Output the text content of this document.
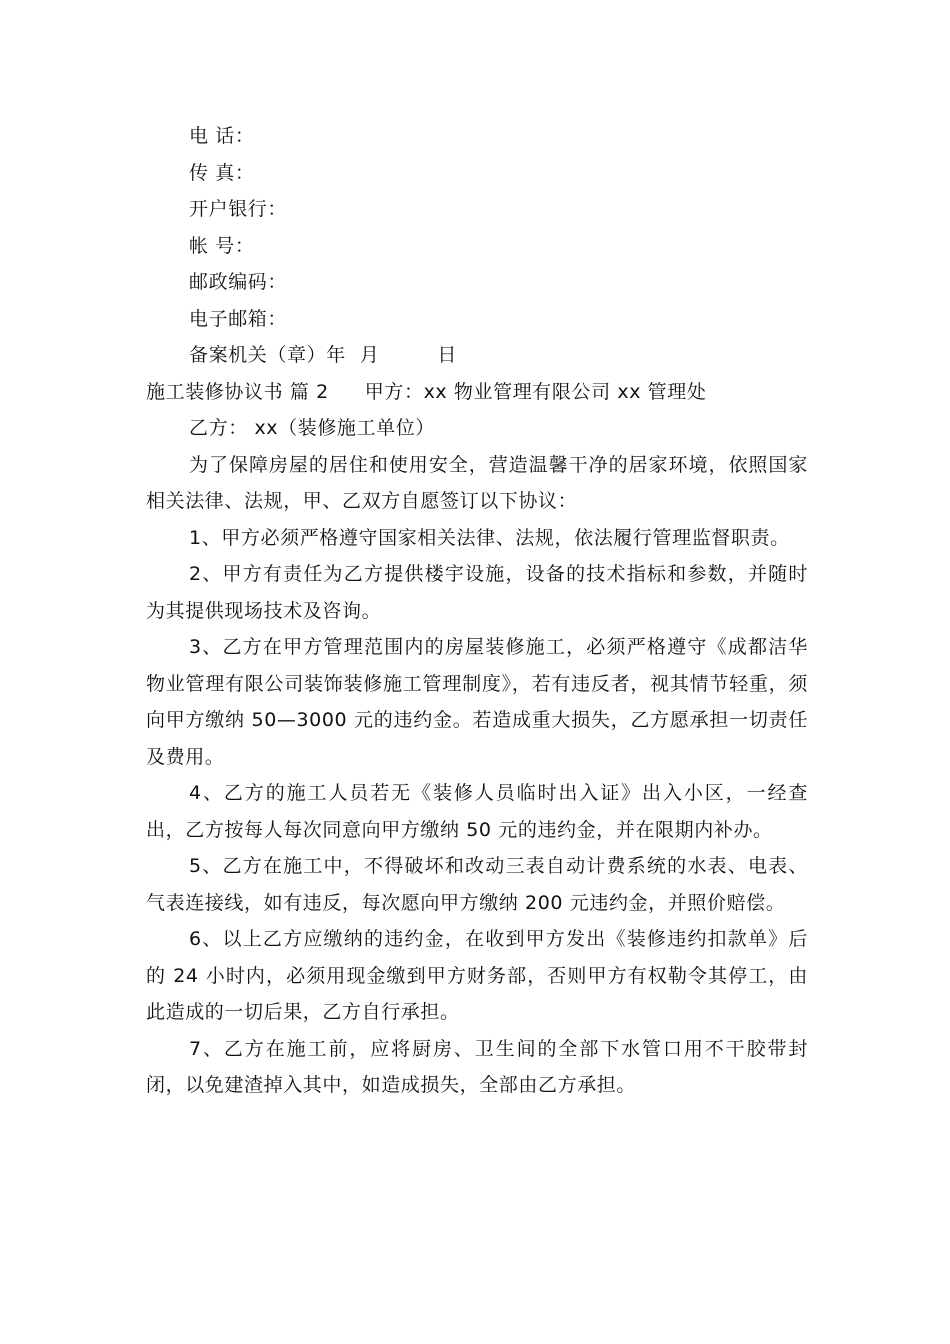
电 话：
传 真：
开户银行：
帐 号：
邮政编码：
电子邮箱：
备案机关（章）年 月	日
施工装修协议书 篇 2 甲方：xx 物业管理有限公司 xx 管理处
乙方： xx（装修施工单位）

为了保障房屋的居住和使用安全，营造温馨干净的居家环境，依照国家相关法律、法规，甲、乙双方自愿签订以下协议：

1、甲方必须严格遵守国家相关法律、法规，依法履行管理监督职责。

2、甲方有责任为乙方提供楼宇设施，设备的技术指标和参数，并随时为其提供现场技术及咨询。

3、乙方在甲方管理范围内的房屋装修施工，必须严格遵守《成都洁华物业管理有限公司装饰装修施工管理制度》，若有违反者，视其情节轻重，须向甲方缴纳 50—3000 元的违约金。若造成重大损失，乙方愿承担一切责任及费用。

4、乙方的施工人员若无《装修人员临时出入证》出入小区，一经查出，乙方按每人每次同意向甲方缴纳 50 元的违约金，并在限期内补办。

5、乙方在施工中，不得破坏和改动三表自动计费系统的水表、电表、气表连接线，如有违反，每次愿向甲方缴纳 200 元违约金，并照价赔偿。

6、以上乙方应缴纳的违约金，在收到甲方发出《装修违约扣款单》后的 24 小时内，必须用现金缴到甲方财务部，否则甲方有权勒令其停工，由此造成的一切后果，乙方自行承担。

7、乙方在施工前，应将厨房、卫生间的全部下水管口用不干胶带封闭，以免建渣掉入其中，如造成损失，全部由乙方承担。
